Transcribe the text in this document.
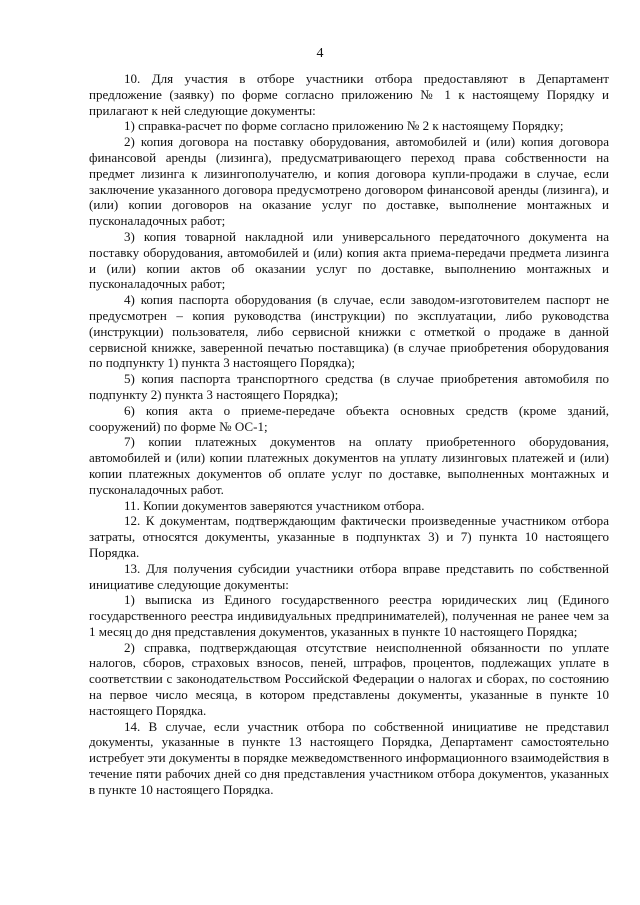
4

10. Для участия в отборе участники отбора предоставляют в Департамент предложение (заявку) по форме согласно приложению № 1 к настоящему Порядку и прилагают к ней следующие документы:

1) справка-расчет по форме согласно приложению № 2 к настоящему Порядку;

2) копия договора на поставку оборудования, автомобилей и (или) копия договора финансовой аренды (лизинга), предусматривающего переход права собственности на предмет лизинга к лизингополучателю, и копия договора купли-продажи в случае, если заключение указанного договора предусмотрено договором финансовой аренды (лизинга), и (или) копии договоров на оказание услуг по доставке, выполнение монтажных и пусконаладочных работ;

3) копия товарной накладной или универсального передаточного документа на поставку оборудования, автомобилей и (или) копия акта приема-передачи предмета лизинга и (или) копии актов об оказании услуг по доставке, выполнению монтажных и пусконаладочных работ;

4) копия паспорта оборудования (в случае, если заводом-изготовителем паспорт не предусмотрен – копия руководства (инструкции) по эксплуатации, либо руководства (инструкции) пользователя, либо сервисной книжки с отметкой о продаже в данной сервисной книжке, заверенной печатью поставщика) (в случае приобретения оборудования по подпункту 1) пункта 3 настоящего Порядка);

5) копия паспорта транспортного средства (в случае приобретения автомобиля по подпункту 2) пункта 3 настоящего Порядка);

6) копия акта о приеме-передаче объекта основных средств (кроме зданий, сооружений) по форме № ОС-1;

7) копии платежных документов на оплату приобретенного оборудования, автомобилей и (или) копии платежных документов на уплату лизинговых платежей и (или) копии платежных документов об оплате услуг по доставке, выполненных монтажных и пусконаладочных работ.

11. Копии документов заверяются участником отбора.

12. К документам, подтверждающим фактически произведенные участником отбора затраты, относятся документы, указанные в подпунктах 3) и 7) пункта 10 настоящего Порядка.

13. Для получения субсидии участники отбора вправе представить по собственной инициативе следующие документы:

1) выписка из Единого государственного реестра юридических лиц (Единого государственного реестра индивидуальных предпринимателей), полученная не ранее чем за 1 месяц до дня представления документов, указанных в пункте 10 настоящего Порядка;

2) справка, подтверждающая отсутствие неисполненной обязанности по уплате налогов, сборов, страховых взносов, пеней, штрафов, процентов, подлежащих уплате в соответствии с законодательством Российской Федерации о налогах и сборах, по состоянию на первое число месяца, в котором представлены документы, указанные в пункте 10 настоящего Порядка.

14. В случае, если участник отбора по собственной инициативе не представил документы, указанные в пункте 13 настоящего Порядка, Департамент самостоятельно истребует эти документы в порядке межведомственного информационного взаимодействия в течение пяти рабочих дней со дня представления участником отбора документов, указанных в пункте 10 настоящего Порядка.
